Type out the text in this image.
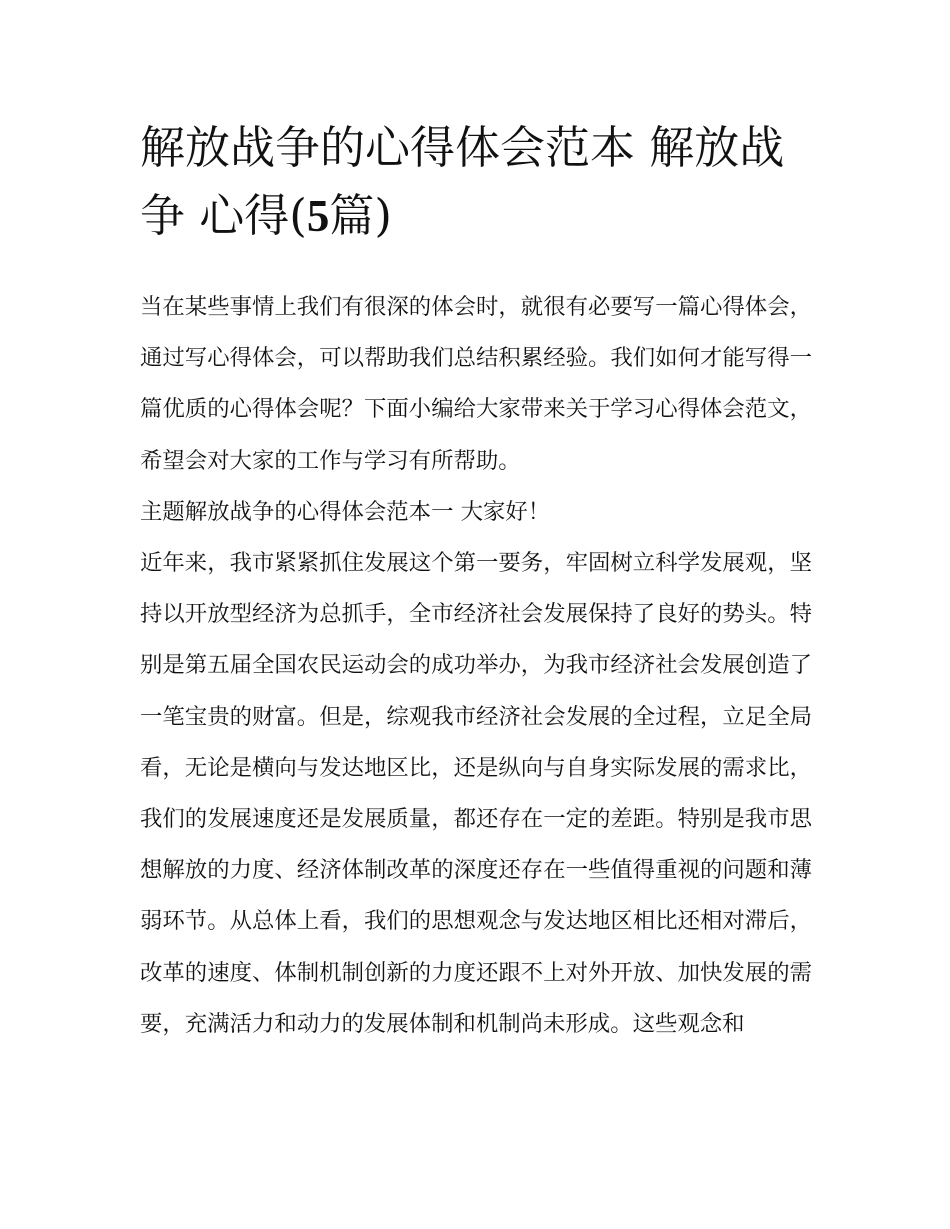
解放战争的心得体会范本 解放战争 心得(5篇)

当在某些事情上我们有很深的体会时，就很有必要写一篇心得体会，通过写心得体会，可以帮助我们总结积累经验。我们如何才能写得一篇优质的心得体会呢？下面小编给大家带来关于学习心得体会范文，希望会对大家的工作与学习有所帮助。

主题解放战争的心得体会范本一 大家好！

近年来，我市紧紧抓住发展这个第一要务，牢固树立科学发展观，坚持以开放型经济为总抓手，全市经济社会发展保持了良好的势头。特别是第五届全国农民运动会的成功举办，为我市经济社会发展创造了一笔宝贵的财富。但是，综观我市经济社会发展的全过程，立足全局看，无论是横向与发达地区比，还是纵向与自身实际发展的需求比，我们的发展速度还是发展质量，都还存在一定的差距。特别是我市思想解放的力度、经济体制改革的深度还存在一些值得重视的问题和薄弱环节。从总体上看，我们的思想观念与发达地区相比还相对滞后，改革的速度、体制机制创新的力度还跟不上对外开放、加快发展的需要，充满活力和动力的发展体制和机制尚未形成。这些观念和
